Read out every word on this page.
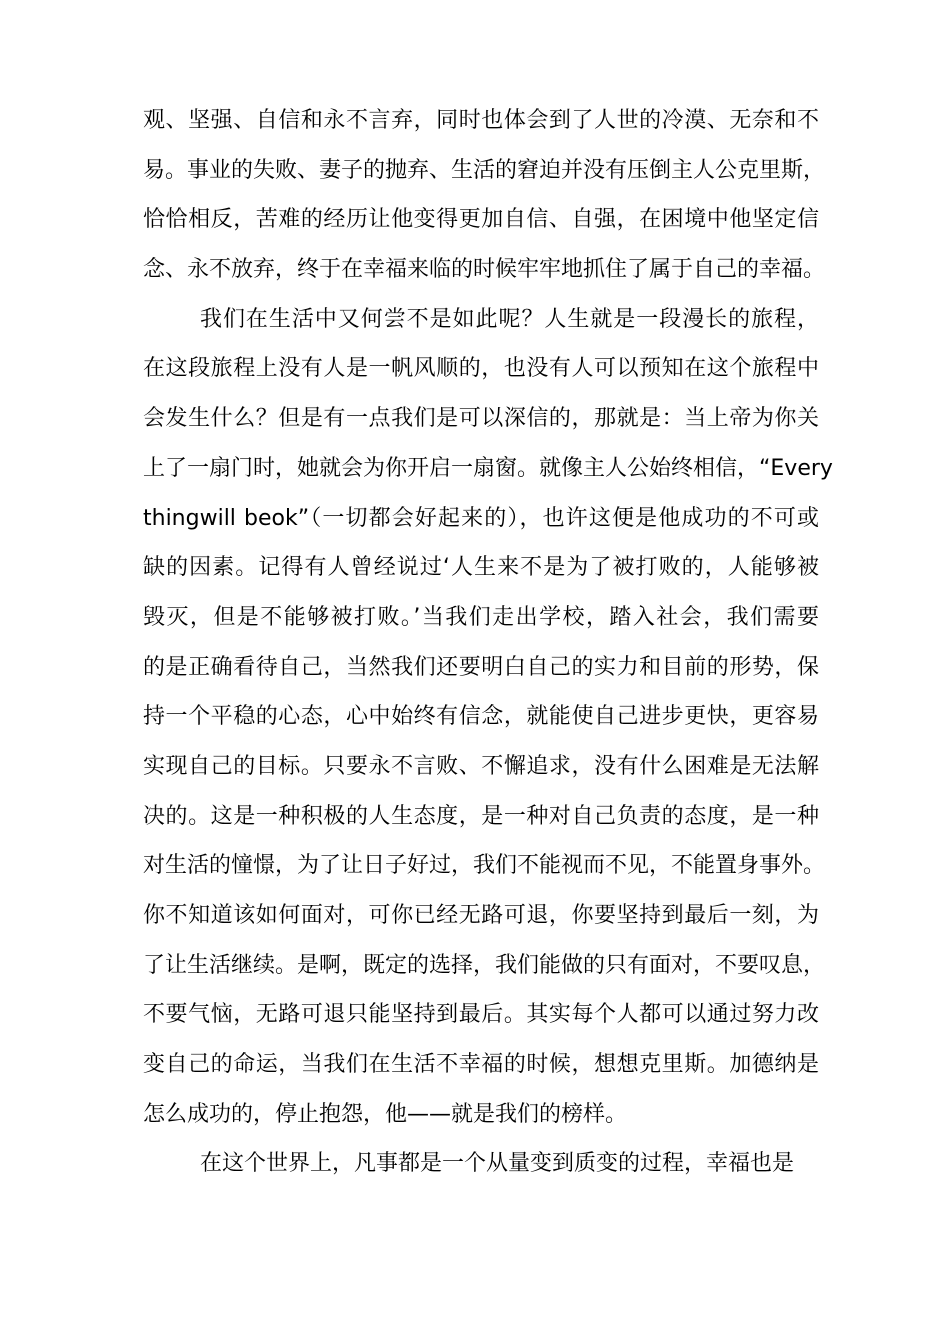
观、坚强、自信和永不言弃，同时也体会到了人世的冷漠、无奈和不
易。事业的失败、妻子的抛弃、生活的窘迫并没有压倒主人公克里斯，
恰恰相反，苦难的经历让他变得更加自信、自强，在困境中他坚定信
念、永不放弃，终于在幸福来临的时候牢牢地抓住了属于自己的幸福。
我们在生活中又何尝不是如此呢？人生就是一段漫长的旅程，
在这段旅程上没有人是一帆风顺的，也没有人可以预知在这个旅程中
会发生什么？但是有一点我们是可以深信的，那就是：当上帝为你关
上了一扇门时，她就会为你开启一扇窗。就像主人公始终相信，“Every
thingwill beok”（一切都会好起来的），也许这便是他成功的不可或
缺的因素。记得有人曾经说过‘人生来不是为了被打败的，人能够被
毁灭，但是不能够被打败。’当我们走出学校，踏入社会，我们需要
的是正确看待自己，当然我们还要明白自己的实力和目前的形势，保
持一个平稳的心态，心中始终有信念，就能使自己进步更快，更容易
实现自己的目标。只要永不言败、不懈追求，没有什么困难是无法解
决的。这是一种积极的人生态度，是一种对自己负责的态度，是一种
对生活的憧憬，为了让日子好过，我们不能视而不见，不能置身事外。
你不知道该如何面对，可你已经无路可退，你要坚持到最后一刻，为
了让生活继续。是啊，既定的选择，我们能做的只有面对，不要叹息，
不要气恼，无路可退只能坚持到最后。其实每个人都可以通过努力改
变自己的命运，当我们在生活不幸福的时候，想想克里斯。加德纳是
怎么成功的，停止抱怨，他——就是我们的榜样。
在这个世界上，凡事都是一个从量变到质变的过程，幸福也是
